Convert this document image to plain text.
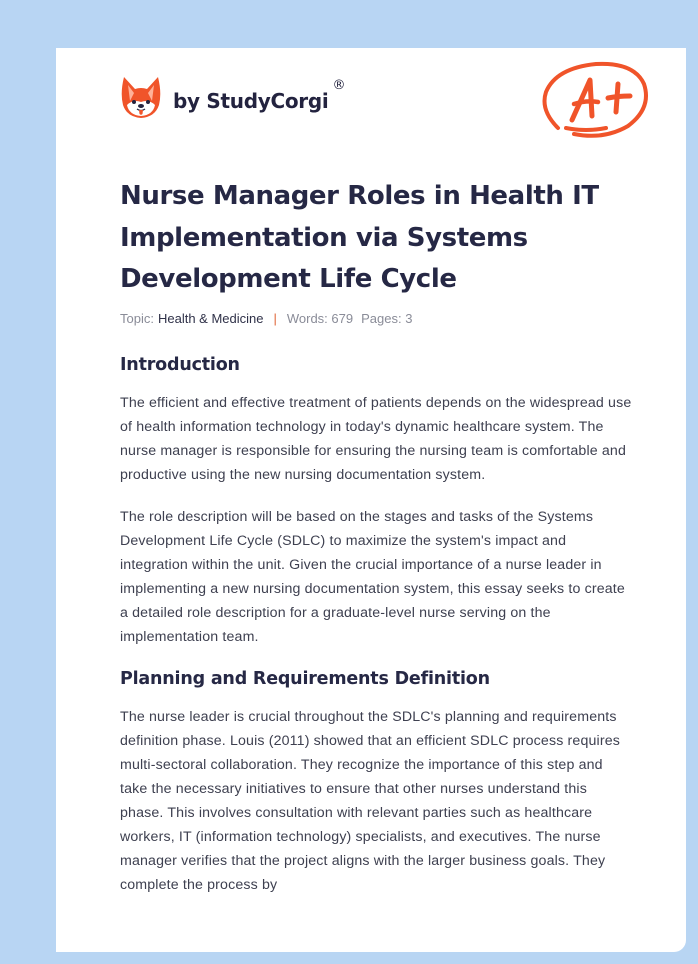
by StudyCorgi
®
Nurse Manager Roles in Health IT Implementation via Systems Development Life Cycle
Topic: Health & Medicine | Words: 679 Pages: 3
Introduction

The efficient and effective treatment of patients depends on the widespread use of health information technology in today's dynamic healthcare system. The nurse manager is responsible for ensuring the nursing team is comfortable and productive using the new nursing documentation system.

The role description will be based on the stages and tasks of the Systems Development Life Cycle (SDLC) to maximize the system's impact and integration within the unit. Given the crucial importance of a nurse leader in implementing a new nursing documentation system, this essay seeks to create a detailed role description for a graduate-level nurse serving on the implementation team.

Planning and Requirements Definition

The nurse leader is crucial throughout the SDLC's planning and requirements definition phase. Louis (2011) showed that an efficient SDLC process requires multi-sectoral collaboration. They recognize the importance of this step and take the necessary initiatives to ensure that other nurses understand this phase. This involves consultation with relevant parties such as healthcare workers, IT (information technology) specialists, and executives. The nurse manager verifies that the project aligns with the larger business goals. They complete the process by
